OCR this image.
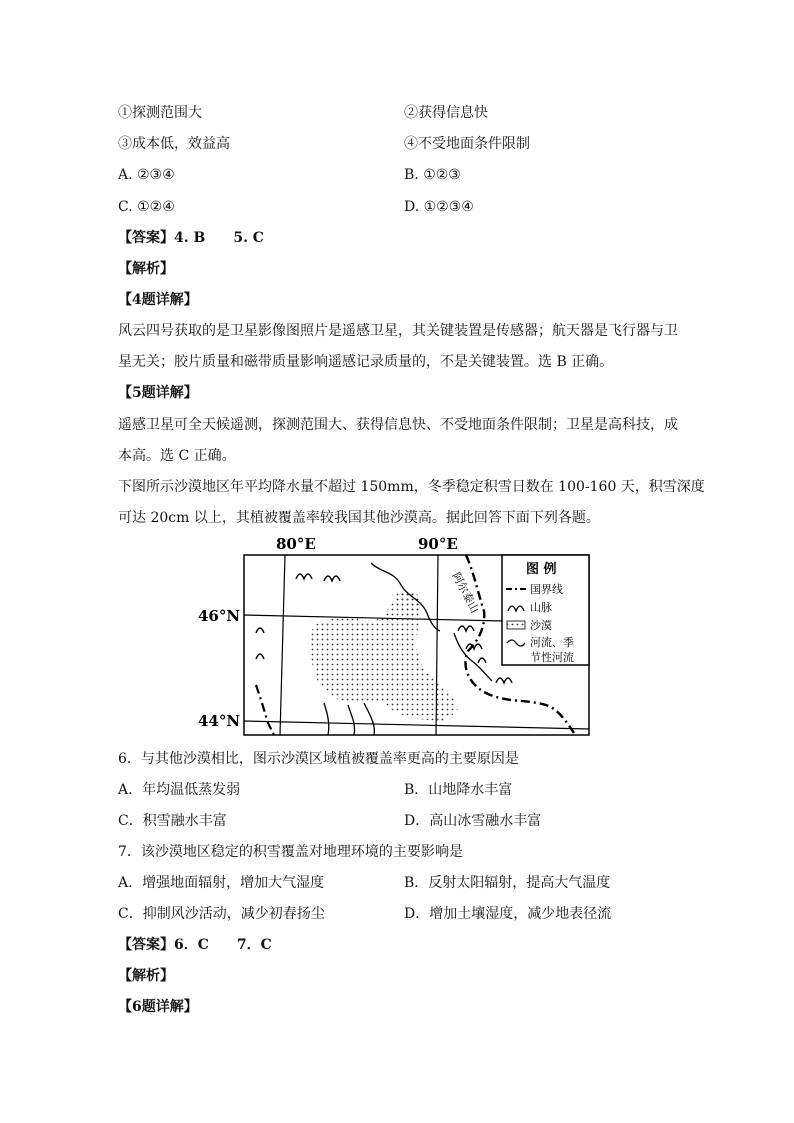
①探测范围大	②获得信息快
③成本低，效益高	④不受地面条件限制
A. ②③④	B. ①②③
C. ①②④	D. ①②③④
【答案】4. B　　5. C
【解析】
【4题详解】
风云四号获取的是卫星影像图照片是遥感卫星，其关键装置是传感器；航天器是飞行器与卫
星无关；胶片质量和磁带质量影响遥感记录质量的，不是关键装置。选 B 正确。
【5题详解】
遥感卫星可全天候遥测，探测范围大、获得信息快、不受地面条件限制；卫星是高科技，成
本高。选 C 正确。
下图所示沙漠地区年平均降水量不超过 150mm，冬季稳定积雪日数在 100-160 天，积雪深度
可达 20cm 以上，其植被覆盖率较我国其他沙漠高。据此回答下面下列各题。
80°E	90°E
46°N
44°N
阿尔泰山
图 例
国界线
山脉
沙漠
河流、季
节性河流
6．与其他沙漠相比，图示沙漠区域植被覆盖率更高的主要原因是
A．年均温低蒸发弱	B．山地降水丰富
C．积雪融水丰富	D．高山冰雪融水丰富
7．该沙漠地区稳定的积雪覆盖对地理环境的主要影响是
A．增强地面辐射，增加大气湿度	B．反射太阳辐射，提高大气温度
C．抑制风沙活动，减少初春扬尘	D．增加土壤湿度，减少地表径流
【答案】6．C　　7．C
【解析】
【6题详解】
